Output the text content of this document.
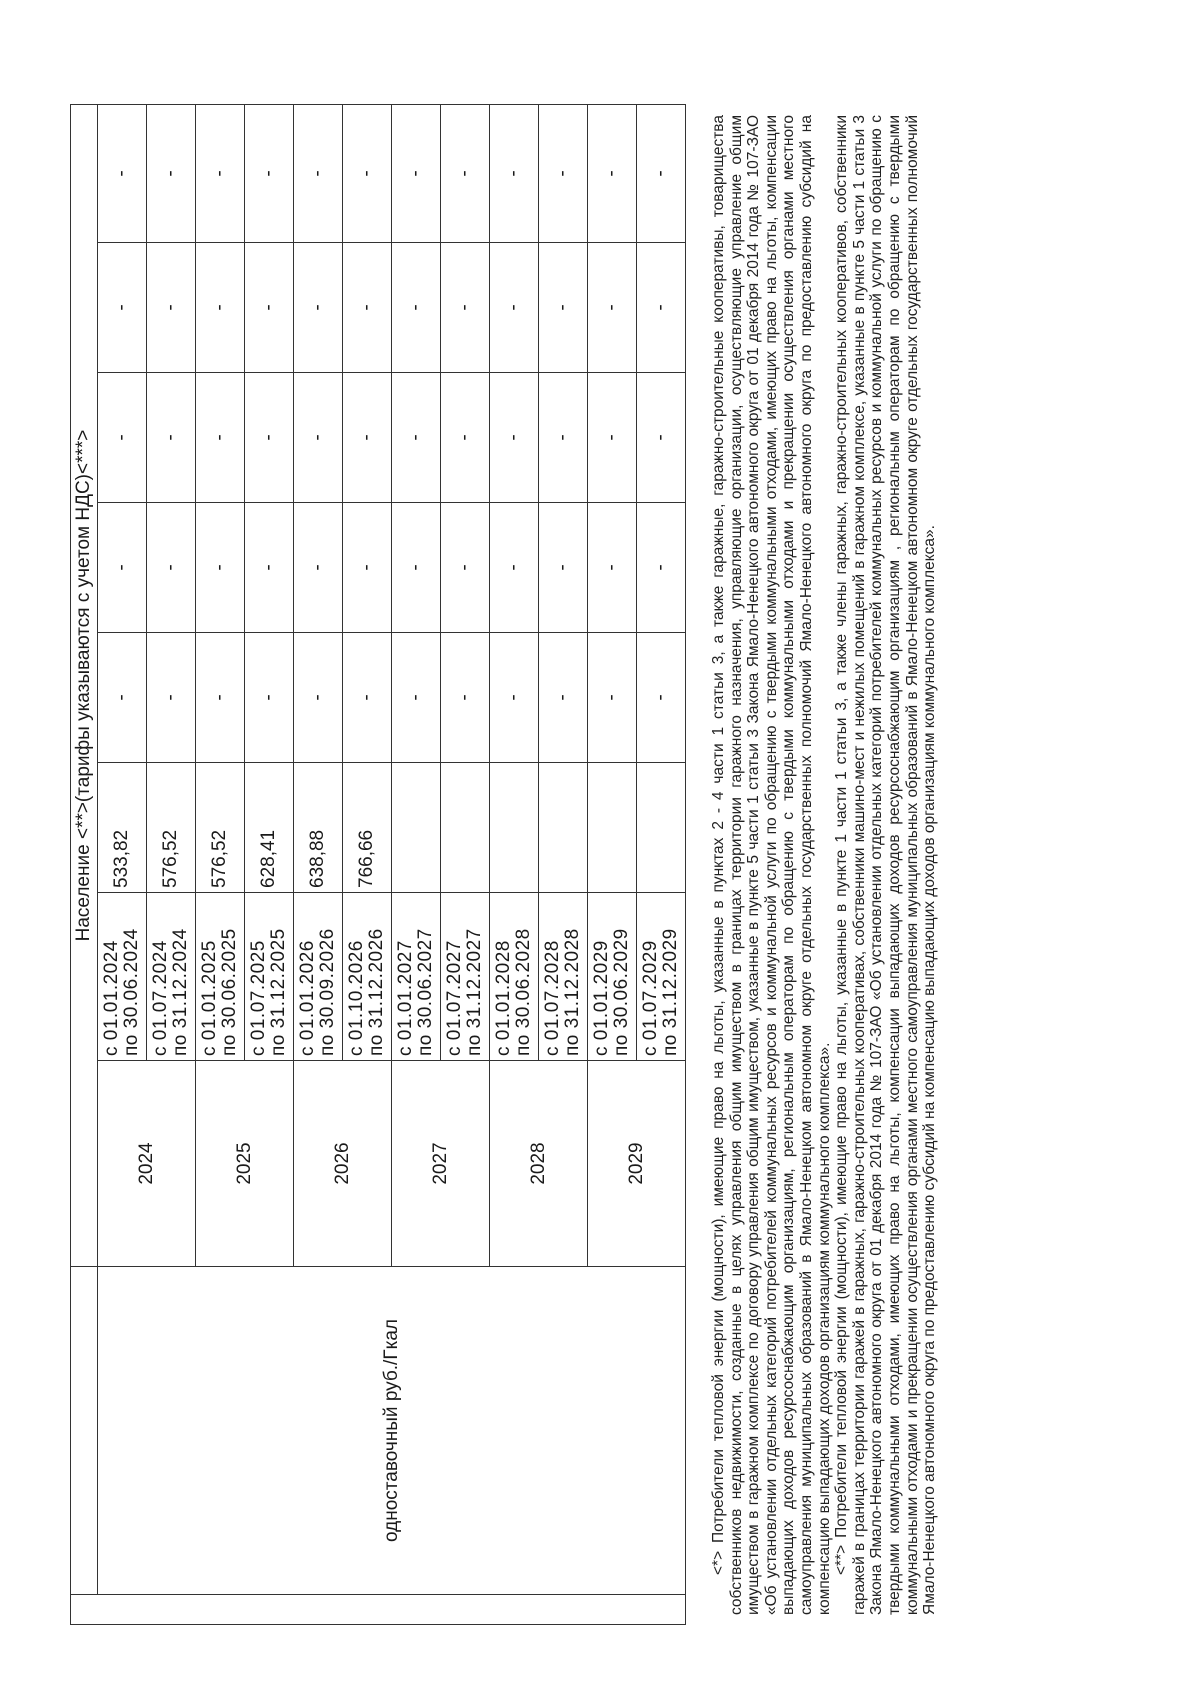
		Население <**>(тарифы указываются с учетом НДС)<***>							
	одноставочный руб./Гкал	2024	с 01.01.2024 по 30.06.2024	533,82	-	-	-	-	-

			с 01.07.2024 по 31.12.2024	576,52	-	-	-	-	-
		2025	с 01.01.2025 по 30.06.2025	576,52	-	-	-	-	-

			с 01.07.2025 по 31.12.2025	628,41	-	-	-	-	-
		2026	с 01.01.2026 по 30.09.2026	638,88	-	-	-	-	-

			с 01.10.2026 по 31.12.2026	766,66	-	-	-	-	-
		2027	с 01.01.2027 по 30.06.2027		-	-	-	-	-

			с 01.07.2027 по 31.12.2027		-	-	-	-	-
		2028	с 01.01.2028 по 30.06.2028		-	-	-	-	-

			с 01.07.2028 по 31.12.2028		-	-	-	-	-
		2029	с 01.01.2029 по 30.06.2029		-	-	-	-	-

			с 01.07.2029 по 31.12.2029		-	-	-	-	-	<*> Потребители тепловой энергии (мощности), имеющие право на льготы, указанные в пунктах 2 - 4 части 1 статьи 3, а также гаражные, гаражно-строительные кооперативы, товарищества собственников недвижимости, созданные в целях управления общим имуществом в границах территории гаражного назначения, управляющие организации, осуществляющие управление общим имуществом в гаражном комплексе по договору управления общим имуществом, указанные в пункте 5 части 1 статьи 3 Закона Ямало-Ненецкого автономного округа от 01 декабря 2014 года № 107-ЗАО «Об установлении отдельных категорий потребителей коммунальных ресурсов и коммунальной услуги по обращению с твердыми коммунальными отходами, имеющих право на льготы, компенсации выпадающих доходов ресурсоснабжающим организациям, региональным операторам по обращению с твердыми коммунальными отходами и прекращении осуществления органами местного самоуправления муниципальных образований в Ямало-Ненецком автономном округе отдельных государственных полномочий Ямало-Ненецкого автономного округа по предоставлению субсидий на компенсацию выпадающих доходов организациям коммунального комплекса». <**> Потребители тепловой энергии (мощности), имеющие право на льготы, указанные в пункте 1 части 1 статьи 3, а также члены гаражных, гаражно-строительных кооперативов, собственники гаражей в границах территории гаражей в гаражных, гаражно-строительных кооперативах, собственники машино-мест и нежилых помещений в гаражном комплексе, указанные в пункте 5 части 1 статьи 3 Закона Ямало-Ненецкого автономного округа от 01 декабря 2014 года № 107-ЗАО «Об установлении отдельных категорий потребителей коммунальных ресурсов и коммунальной услуги по обращению с твердыми коммунальными отходами, имеющих право на льготы, компенсации выпадающих доходов ресурсоснабжающим организациям , региональным операторам по обращению с твердыми коммунальными отходами и прекращении осуществления органами местного самоуправления муниципальных образований в Ямало-Ненецком автономном округе отдельных государственных полномочий Ямало-Ненецкого автономного округа по предоставлению субсидий на компенсацию выпадающих доходов организациям коммунального комплекса».
